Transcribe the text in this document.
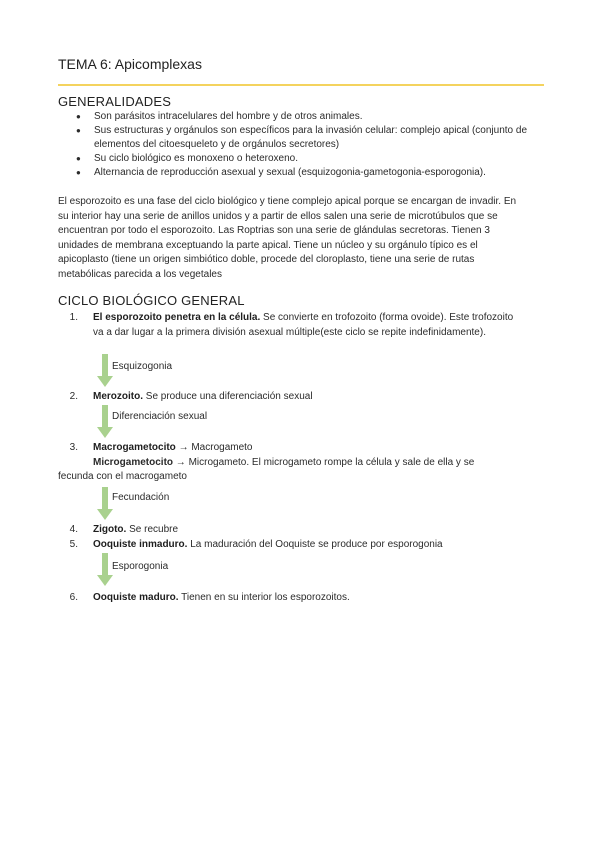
TEMA 6: Apicomplexas
GENERALIDADES
● Son parásitos intracelulares del hombre y de otros animales.
● Sus estructuras y orgánulos son específicos para la invasión celular: complejo apical (conjunto de elementos del citoesqueleto y de orgánulos secretores)
● Su ciclo biológico es monoxeno o heteroxeno.
● Alternancia de reproducción asexual y sexual (esquizogonia-gametogonia-esporogonia).
El esporozoito es una fase del ciclo biológico y tiene complejo apical porque se encargan de invadir. En su interior hay una serie de anillos unidos y a partir de ellos salen una serie de microtúbulos que se encuentran por todo el esporozoito. Las Roptrias son una serie de glándulas secretoras. Tienen 3 unidades de membrana exceptuando la parte apical. Tiene un núcleo y su orgánulo típico es el apicoplasto (tiene un origen simbiótico doble, procede del cloroplasto, tiene una serie de rutas metabólicas parecida a los vegetales
CICLO BIOLÓGICO GENERAL
1. El esporozoito penetra en la célula. Se convierte en trofozoito (forma ovoide). Este trofozoito va a dar lugar a la primera división asexual múltiple(este ciclo se repite indefinidamente).
Esquizogonia
2. Merozoito. Se produce una diferenciación sexual
Diferenciación sexual
3. Macrogametocito → Macrogameto
Microgametocito → Microgameto. El microgameto rompe la célula y sale de ella y se
fecunda con el macrogameto
Fecundación
4. Zigoto. Se recubre
5. Ooquiste inmaduro. La maduración del Ooquiste se produce por esporogonia
Esporogonia
6. Ooquiste maduro. Tienen en su interior los esporozoitos.
